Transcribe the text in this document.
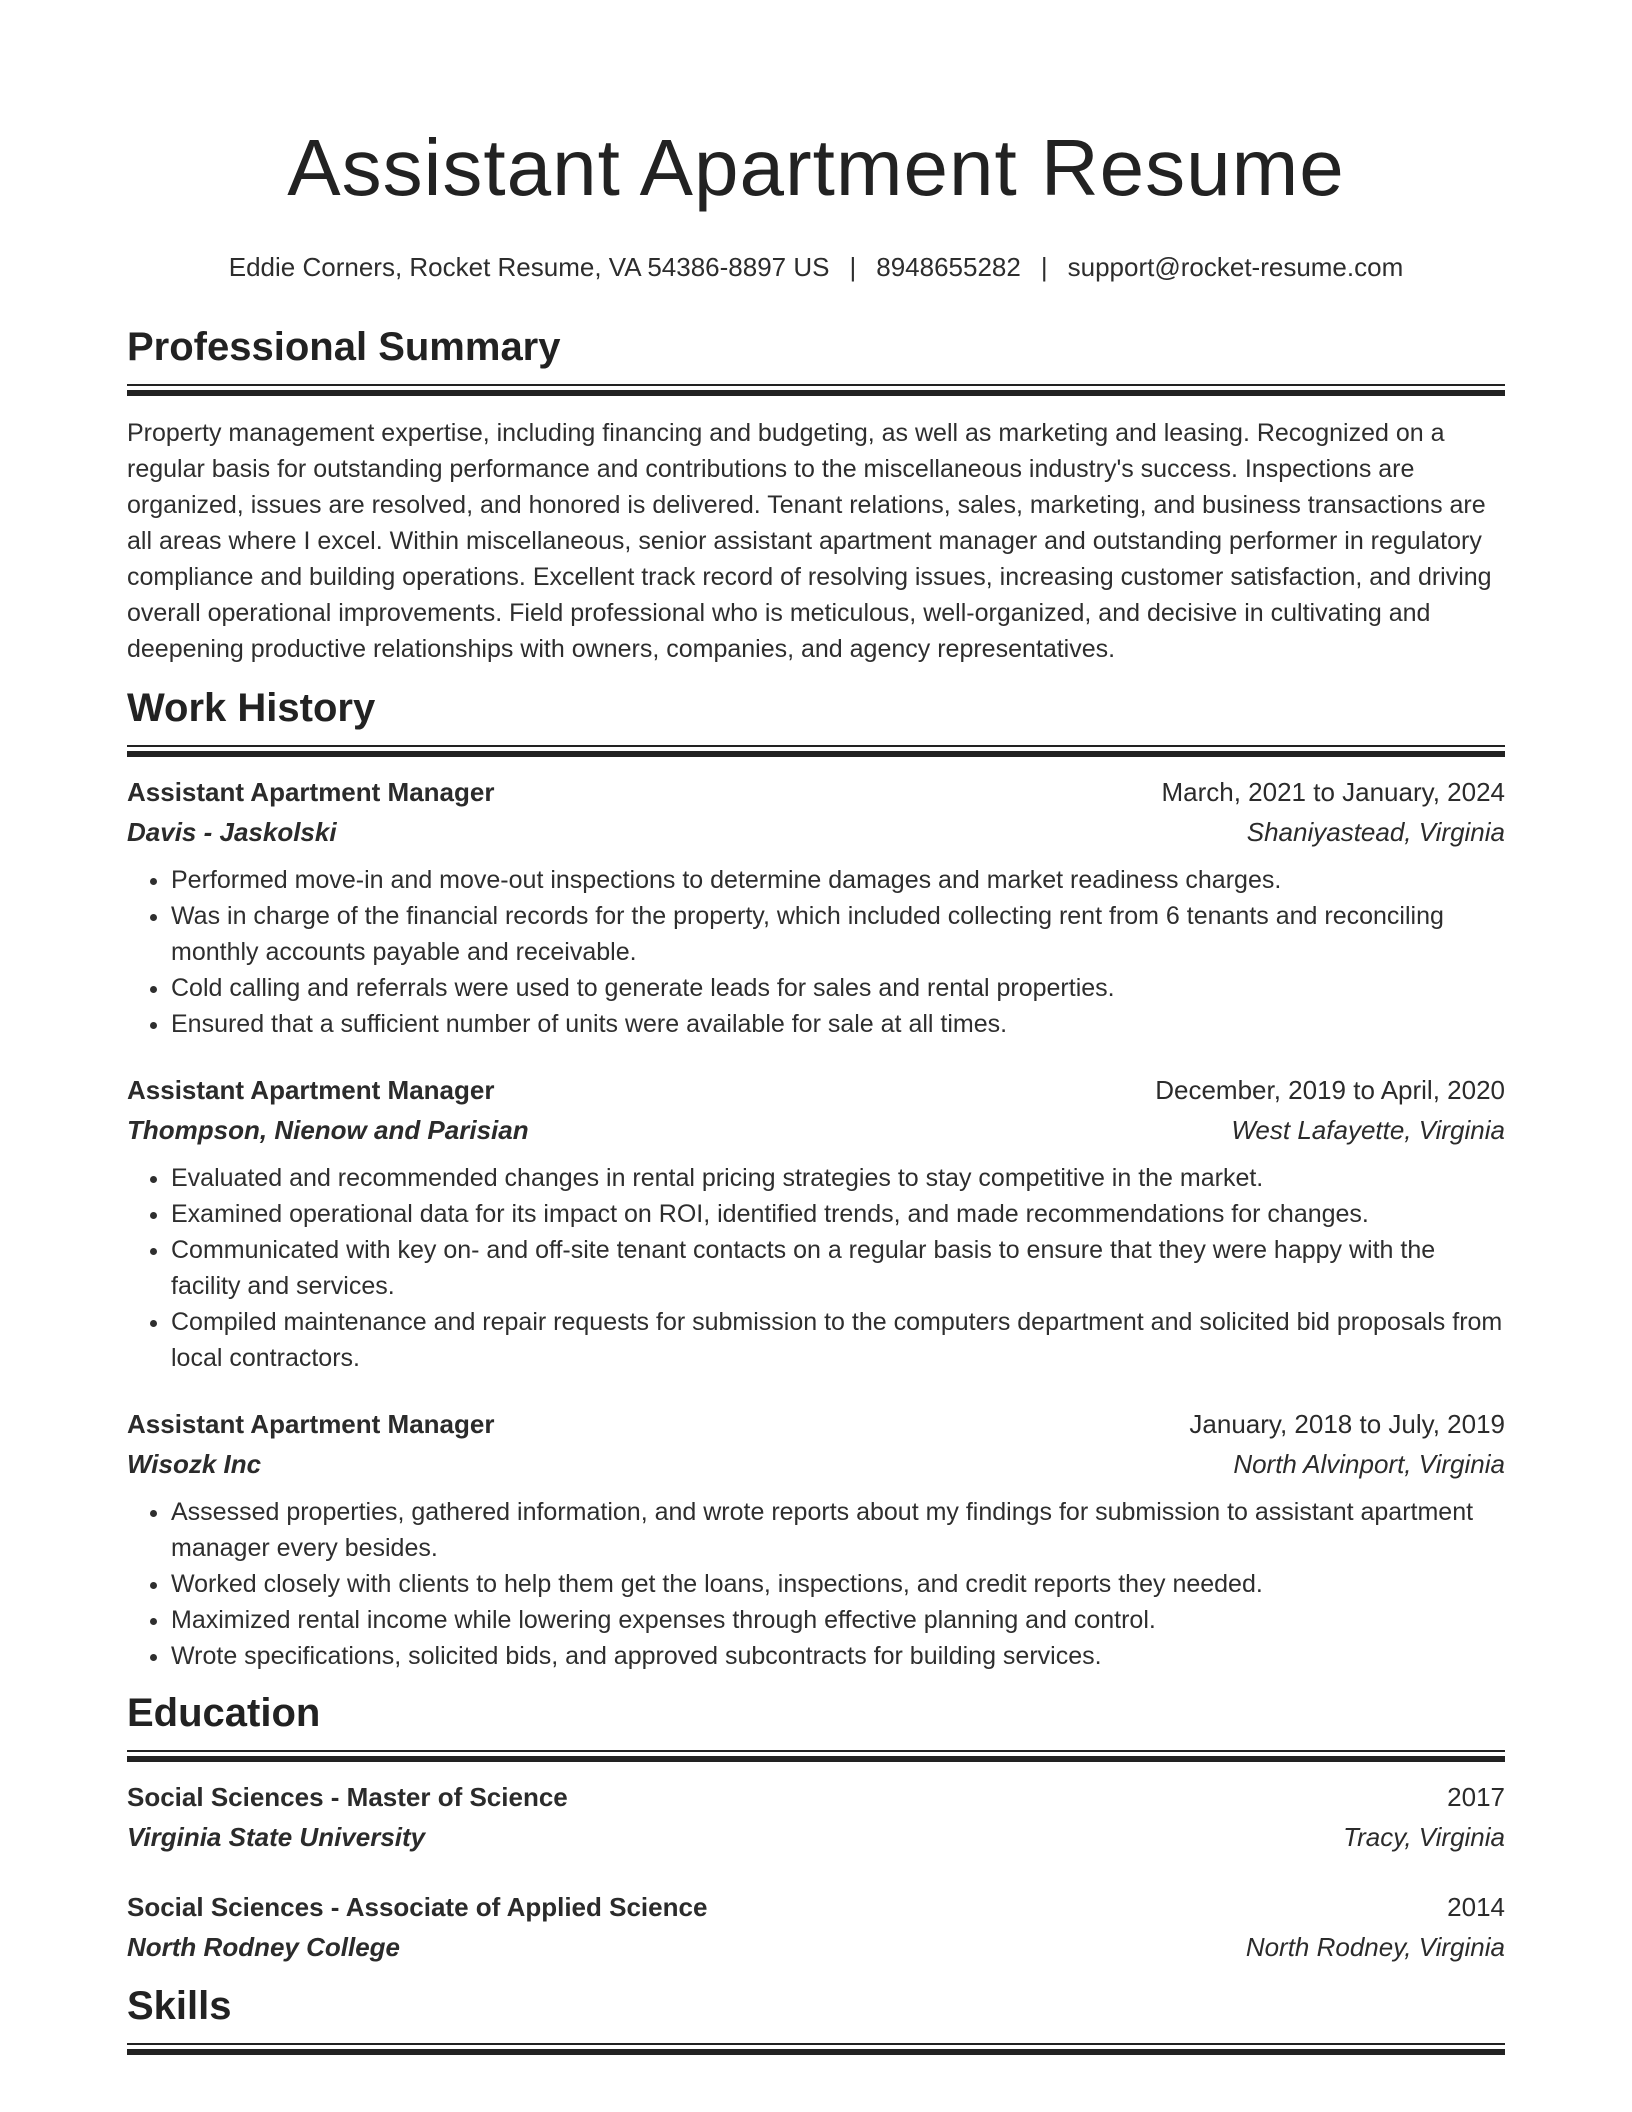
Assistant Apartment Resume
Eddie Corners, Rocket Resume, VA 54386-8897 US | 8948655282 | support@rocket-resume.com
Professional Summary

Property management expertise, including financing and budgeting, as well as marketing and leasing. Recognized on a regular basis for outstanding performance and contributions to the miscellaneous industry's success. Inspections are organized, issues are resolved, and honored is delivered. Tenant relations, sales, marketing, and business transactions are all areas where I excel. Within miscellaneous, senior assistant apartment manager and outstanding performer in regulatory compliance and building operations. Excellent track record of resolving issues, increasing customer satisfaction, and driving overall operational improvements. Field professional who is meticulous, well-organized, and decisive in cultivating and deepening productive relationships with owners, companies, and agency representatives.

Work History
Assistant Apartment Manager	March, 2021 to January, 2024
Davis - Jaskolski	Shaniyastead, Virginia
• Performed move-in and move-out inspections to determine damages and market readiness charges.
• Was in charge of the financial records for the property, which included collecting rent from 6 tenants and reconciling monthly accounts payable and receivable.
• Cold calling and referrals were used to generate leads for sales and rental properties.
• Ensured that a sufficient number of units were available for sale at all times.
Assistant Apartment Manager	December, 2019 to April, 2020
Thompson, Nienow and Parisian	West Lafayette, Virginia
• Evaluated and recommended changes in rental pricing strategies to stay competitive in the market.
• Examined operational data for its impact on ROI, identified trends, and made recommendations for changes.
• Communicated with key on- and off-site tenant contacts on a regular basis to ensure that they were happy with the facility and services.
• Compiled maintenance and repair requests for submission to the computers department and solicited bid proposals from local contractors.
Assistant Apartment Manager	January, 2018 to July, 2019
Wisozk Inc	North Alvinport, Virginia
• Assessed properties, gathered information, and wrote reports about my findings for submission to assistant apartment manager every besides.
• Worked closely with clients to help them get the loans, inspections, and credit reports they needed.
• Maximized rental income while lowering expenses through effective planning and control.
• Wrote specifications, solicited bids, and approved subcontracts for building services.
Education
Social Sciences - Master of Science	2017
Virginia State University	Tracy, Virginia
Social Sciences - Associate of Applied Science	2014
North Rodney College	North Rodney, Virginia
Skills
